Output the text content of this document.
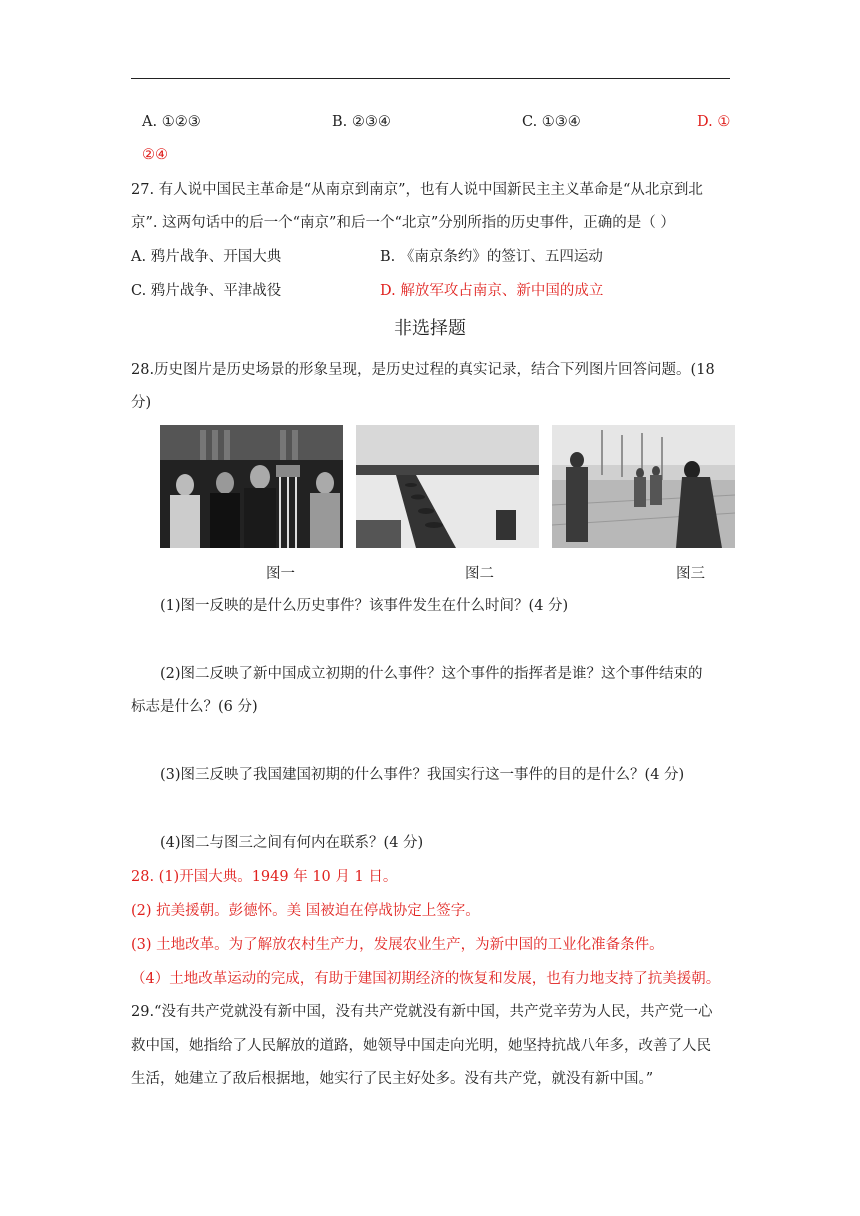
A. ①②③	B. ②③④	C. ①③④	D. ①
②④
27. 有人说中国民主革命是“从南京到南京”，也有人说中国新民主主义革命是“从北京到北
京”. 这两句话中的后一个“南京”和后一个“北京”分别所指的历史事件，正确的是（ ）
A. 鸦片战争、开国大典	B. 《南京条约》的签订、五四运动
C. 鸦片战争、平津战役	D. 解放军攻占南京、新中国的成立
非选择题
28.历史图片是历史场景的形象呈现，是历史过程的真实记录，结合下列图片回答问题。(18
分)
图一	图二	图三
(1)图一反映的是什么历史事件？该事件发生在什么时间？(4 分)
(2)图二反映了新中国成立初期的什么事件？这个事件的指挥者是谁？这个事件结束的
标志是什么？(6 分)
(3)图三反映了我国建国初期的什么事件？我国实行这一事件的目的是什么？(4 分)
(4)图二与图三之间有何内在联系？(4 分)
28. (1)开国大典。1949 年 10 月 1 日。
(2) 抗美援朝。彭德怀。美 国被迫在停战协定上签字。
(3) 土地改革。为了解放农村生产力，发展农业生产，为新中国的工业化准备条件。
（4）土地改革运动的完成，有助于建国初期经济的恢复和发展，也有力地支持了抗美援朝。
29.“没有共产党就没有新中国，没有共产党就没有新中国，共产党辛劳为人民，共产党一心
救中国，她指给了人民解放的道路，她领导中国走向光明，她坚持抗战八年多，改善了人民
生活，她建立了敌后根据地，她实行了民主好处多。没有共产党，就没有新中国。”
